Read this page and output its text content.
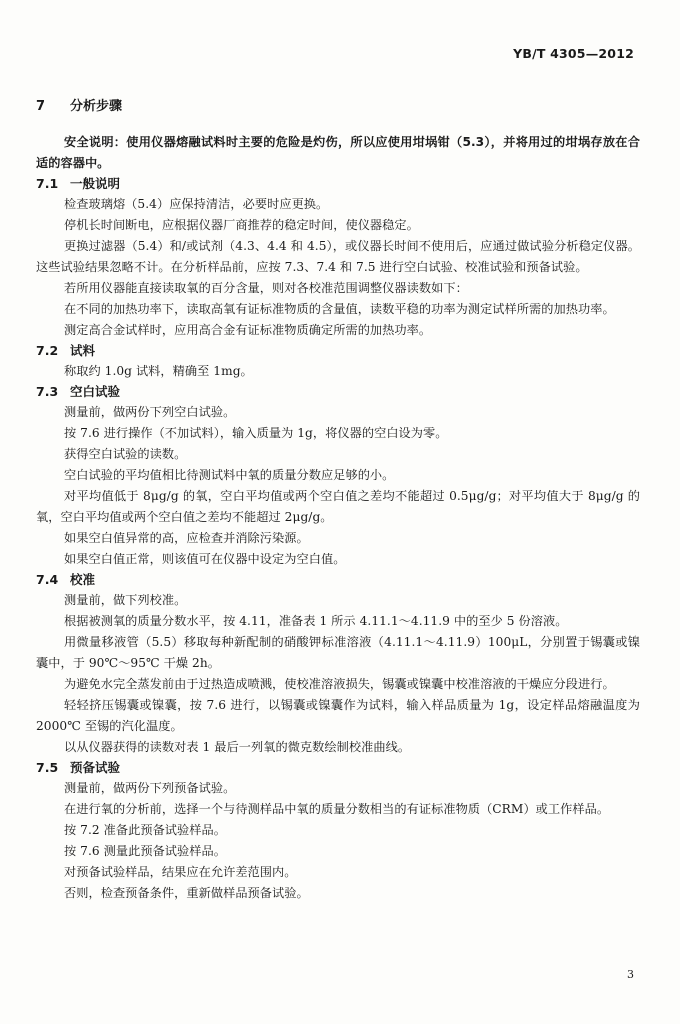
YB/T 4305—2012
7 分析步骤
安全说明：使用仪器熔融试料时主要的危险是灼伤，所以应使用坩埚钳（5.3），并将用过的坩埚存放在合适的容器中。
7.1 一般说明
检查玻璃熔（5.4）应保持清洁，必要时应更换。
停机长时间断电，应根据仪器厂商推荐的稳定时间，使仪器稳定。
更换过滤器（5.4）和/或试剂（4.3、4.4 和 4.5），或仪器长时间不使用后，应通过做试验分析稳定仪器。这些试验结果忽略不计。在分析样品前，应按 7.3、7.4 和 7.5 进行空白试验、校准试验和预备试验。
若所用仪器能直接读取氧的百分含量，则对各校准范围调整仪器读数如下：
在不同的加热功率下，读取高氧有证标准物质的含量值，读数平稳的功率为测定试样所需的加热功率。
测定高合金试样时，应用高合金有证标准物质确定所需的加热功率。
7.2 试料
称取约 1.0g 试料，精确至 1mg。
7.3 空白试验
测量前，做两份下列空白试验。
按 7.6 进行操作（不加试料），输入质量为 1g，将仪器的空白设为零。
获得空白试验的读数。
空白试验的平均值相比待测试料中氧的质量分数应足够的小。
对平均值低于 8μg/g 的氧，空白平均值或两个空白值之差均不能超过 0.5μg/g；对平均值大于 8μg/g 的氧，空白平均值或两个空白值之差均不能超过 2μg/g。
如果空白值异常的高，应检查并消除污染源。
如果空白值正常，则该值可在仪器中设定为空白值。
7.4 校准
测量前，做下列校准。
根据被测氧的质量分数水平，按 4.11，准备表 1 所示 4.11.1～4.11.9 中的至少 5 份溶液。
用微量移液管（5.5）移取每种新配制的硝酸钾标准溶液（4.11.1～4.11.9）100μL，分别置于锡囊或镍囊中，于 90℃～95℃ 干燥 2h。
为避免水完全蒸发前由于过热造成喷溅，使校准溶液损失，锡囊或镍囊中校准溶液的干燥应分段进行。
轻轻挤压锡囊或镍囊，按 7.6 进行，以锡囊或镍囊作为试料，输入样品质量为 1g，设定样品熔融温度为 2000℃ 至锡的汽化温度。
以从仪器获得的读数对表 1 最后一列氧的微克数绘制校准曲线。
7.5 预备试验
测量前，做两份下列预备试验。
在进行氧的分析前，选择一个与待测样品中氧的质量分数相当的有证标准物质（CRM）或工作样品。
按 7.2 准备此预备试验样品。
按 7.6 测量此预备试验样品。
对预备试验样品，结果应在允许差范围内。
否则，检查预备条件，重新做样品预备试验。
3
